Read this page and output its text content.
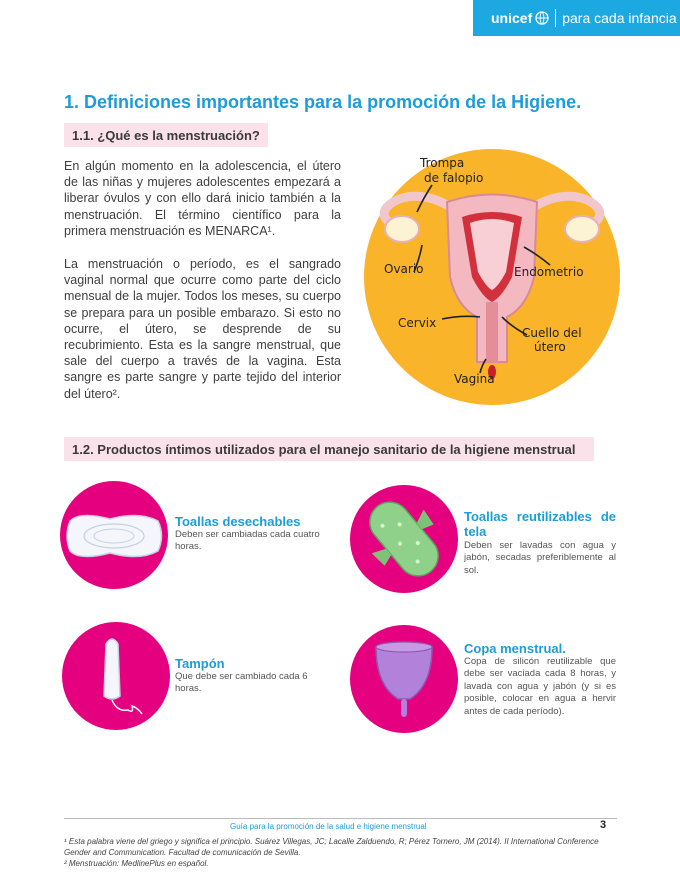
unicef para cada infancia
1. Definiciones importantes para la promoción de la Higiene.
1.1. ¿Qué es la menstruación?
En algún momento en la adolescencia, el útero de las niñas y mujeres adolescentes empezará a liberar óvulos y con ello dará inicio también a la menstruación. El término científico para la primera menstruación es MENARCA¹.
La menstruación o período, es el sangrado vaginal normal que ocurre como parte del ciclo mensual de la mujer. Todos los meses, su cuerpo se prepara para un posible embarazo. Si esto no ocurre, el útero, se desprende de su recubrimiento. Esta es la sangre menstrual, que sale del cuerpo a través de la vagina. Esta sangre es parte sangre y parte tejido del interior del útero².
Trompa
de falopio
Ovario	Endometrio
Cervix
Cuello del
útero
Vagina
1.2. Productos íntimos utilizados para el manejo sanitario de la higiene menstrual
Toallas desechables
Deben ser cambiadas cada cuatro horas.
Toallas reutilizables de tela
Deben ser lavadas con agua y jabón, secadas preferiblemente al sol.
Tampón
Que debe ser cambiado cada 6 horas.
Copa menstrual.
Copa de silicón reutilizable que debe ser vaciada cada 8 horas, y lavada con agua y jabón (y si es posible, colocar en agua a hervir antes de cada período).
Guía para la promoción de la salud e higiene menstrual	3
¹ Esta palabra viene del griego y significa el principio. Suárez Villegas, JC; Lacalle Zalduendo, R; Pérez Tornero, JM (2014). II International Conference Gender and Communication. Facultad de comunicación de Sevilla.
² Menstruación: MedlinePlus en español.
